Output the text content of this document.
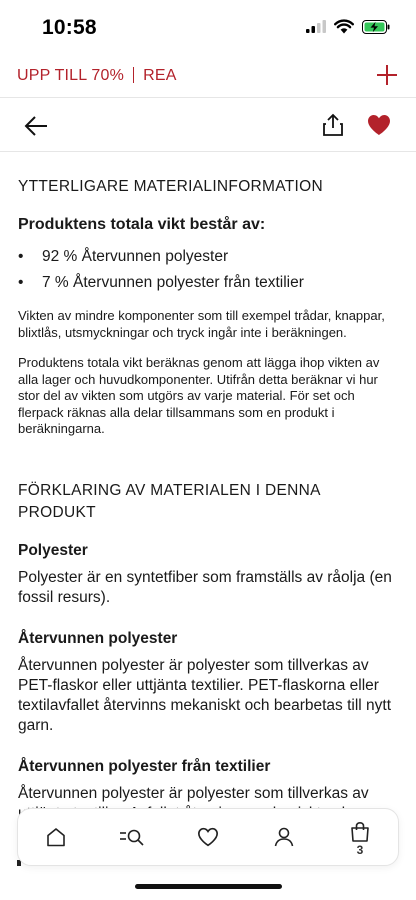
10:58
UPP TILL 70% REA
YTTERLIGARE MATERIALINFORMATION
Produktens totala vikt består av:
•	92 % Återvunnen polyester
•	7 % Återvunnen polyester från textilier

Vikten av mindre komponenter som till exempel trådar, knappar, blixtlås, utsmyckningar och tryck ingår inte i beräkningen.

Produktens totala vikt beräknas genom att lägga ihop vikten av alla lager och huvudkomponenter. Utifrån detta beräknar vi hur stor del av vikten som utgörs av varje material. För set och flerpack räknas alla delar tillsammans som en produkt i beräkningarna.

FÖRKLARING AV MATERIALEN I DENNA PRODUKT
Polyester

Polyester är en syntetfiber som framställs av råolja (en fossil resurs).

Återvunnen polyester

Återvunnen polyester är polyester som tillverkas av PET-flaskor eller uttjänta textilier. PET-flaskorna eller textilavfallet återvinns mekaniskt och bearbetas till nytt garn.

Återvunnen polyester från textilier

Återvunnen polyester är polyester som tillverkas av

3
